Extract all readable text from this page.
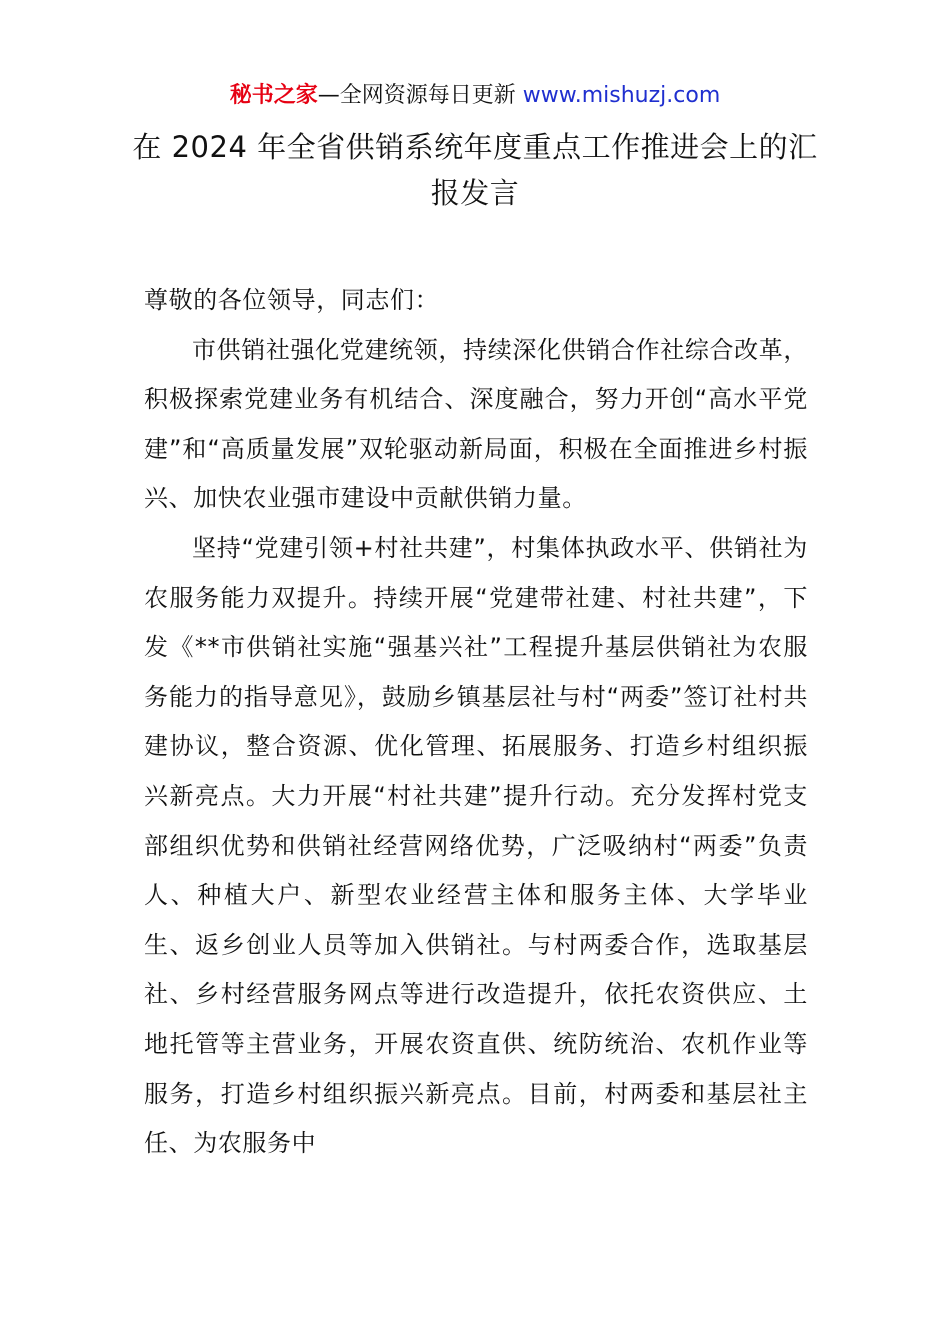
秘书之家—全网资源每日更新 www.mishuzj.com
在 2024 年全省供销系统年度重点工作推进会上的汇报发言

尊敬的各位领导，同志们：

市供销社强化党建统领，持续深化供销合作社综合改革，积极探索党建业务有机结合、深度融合，努力开创“高水平党建”和“高质量发展”双轮驱动新局面，积极在全面推进乡村振兴、加快农业强市建设中贡献供销力量。

坚持“党建引领+村社共建”，村集体执政水平、供销社为农服务能力双提升。持续开展“党建带社建、村社共建”，下发《**市供销社实施“强基兴社”工程提升基层供销社为农服务能力的指导意见》，鼓励乡镇基层社与村“两委”签订社村共建协议，整合资源、优化管理、拓展服务、打造乡村组织振兴新亮点。大力开展“村社共建”提升行动。充分发挥村党支部组织优势和供销社经营网络优势，广泛吸纳村“两委”负责人、种植大户、新型农业经营主体和服务主体、大学毕业生、返乡创业人员等加入供销社。与村两委合作，选取基层社、乡村经营服务网点等进行改造提升，依托农资供应、土地托管等主营业务，开展农资直供、统防统治、农机作业等服务，打造乡村组织振兴新亮点。目前，村两委和基层社主任、为农服务中
